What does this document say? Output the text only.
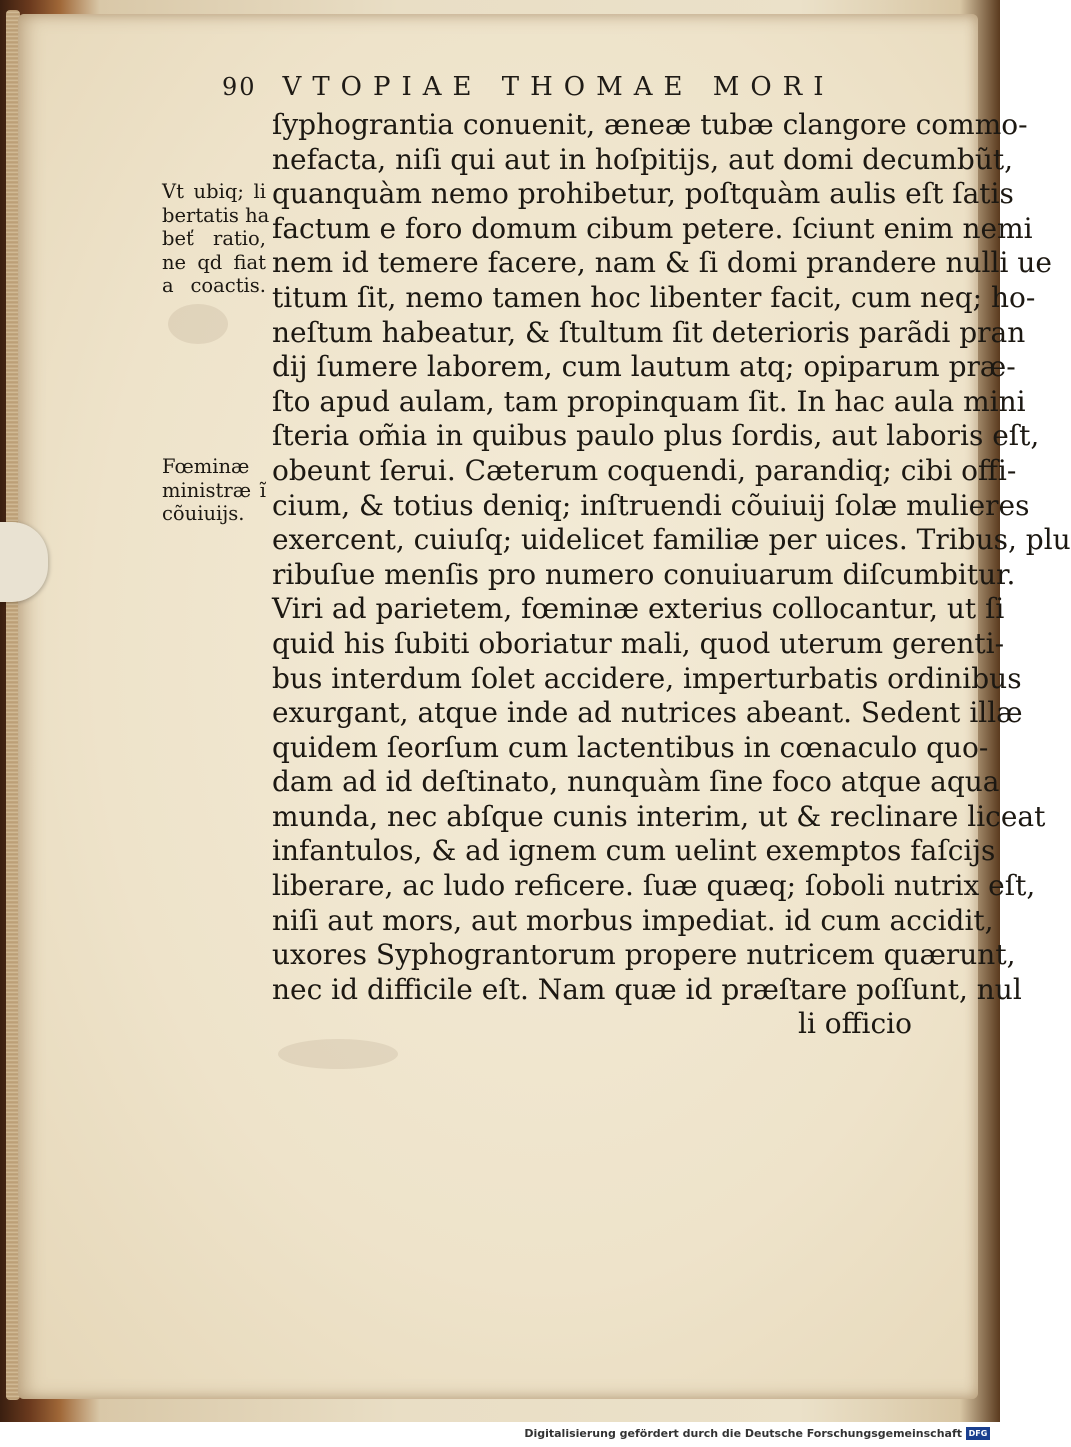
90 VTOPIAE THOMAE MORI
Vt ubiq; li
bertatis ha
beť ratio,
ne qd fiat
a coactis.
Fœminæ
ministræ ĩ
cõuiuijs.
ſyphograntia conuenit, æneæ tubæ clangore commo-
nefacta, niſi qui aut in hoſpitijs, aut domi decumbũt,
quanquàm nemo prohibetur, poſtquàm aulis eſt ſatis
factum e foro domum cibum petere. ſciunt enim nemi
nem id temere facere, nam & ſi domi prandere nulli ue
titum ſit, nemo tamen hoc libenter facit, cum neq; ho-
neſtum habeatur, & ſtultum ſit deterioris parãdi pran
dij ſumere laborem, cum lautum atq; opiparum præ-
ſto apud aulam, tam propinquam ſit. In hac aula mini
ſteria om̃ia in quibus paulo plus ſordis, aut laboris eſt,
obeunt ſerui. Cæterum coquendi, parandiq; cibi offi-
cium, & totius deniq; inſtruendi cõuiuij ſolæ mulieres
exercent, cuiuſq; uidelicet familiæ per uices. Tribus, plu
ribuſue menſis pro numero conuiuarum diſcumbitur.
Viri ad parietem, fœminæ exterius collocantur, ut ſi
quid his ſubiti oboriatur mali, quod uterum gerenti-
bus interdum ſolet accidere, imperturbatis ordinibus
exurgant, atque inde ad nutrices abeant. Sedent illæ
quidem ſeorſum cum lactentibus in cœnaculo quo-
dam ad id deſtinato, nunquàm ſine foco atque aqua
munda, nec abſque cunis interim, ut & reclinare liceat
infantulos, & ad ignem cum uelint exemptos faſcijs
liberare, ac ludo reficere. ſuæ quæq; ſoboli nutrix eſt,
niſi aut mors, aut morbus impediat. id cum accidit,
uxores Syphograntorum propere nutricem quærunt,
nec id difficile eſt. Nam quæ id præſtare poſſunt, nul
li officio
Digitalisierung gefördert durch die Deutsche Forschungsgemeinschaft DFG
